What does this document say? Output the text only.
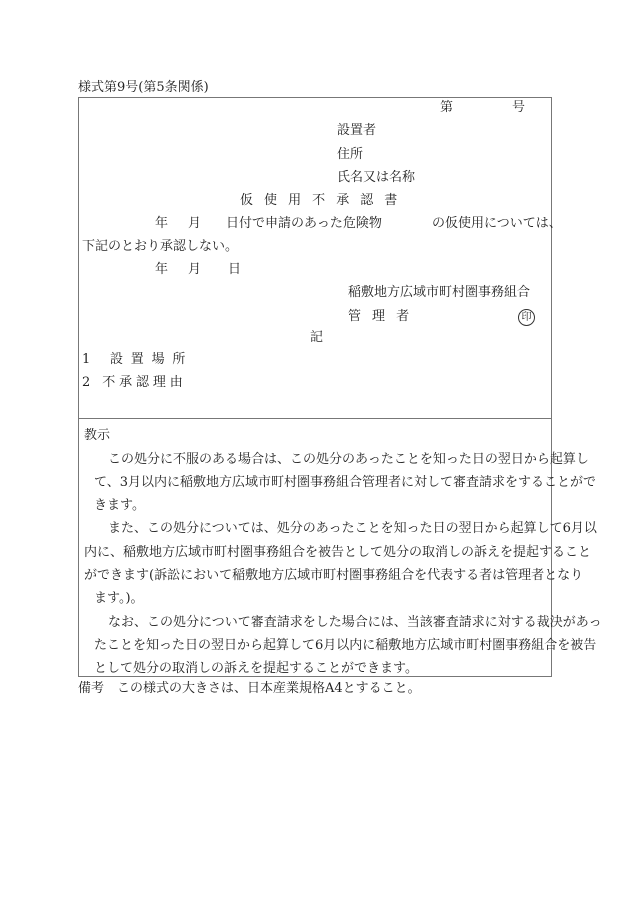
様式第9号(第5条関係)
第	号
設置者
住所
氏名又は名称
仮使用不承認書
年 月 日付で申請のあった危険物	の仮使用については、
下記のとおり承認しない。
年 月 日
稲敷地方広域市町村圏事務組合
管理者	印
記
1 設置場所
2 不承認理由
教示
この処分に不服のある場合は、この処分のあったことを知った日の翌日から起算し
て、3月以内に稲敷地方広域市町村圏事務組合管理者に対して審査請求をすることがで
きます。
また、この処分については、処分のあったことを知った日の翌日から起算して6月以
内に、稲敷地方広域市町村圏事務組合を被告として処分の取消しの訴えを提起すること
ができます(訴訟において稲敷地方広域市町村圏事務組合を代表する者は管理者となり
ます。)。
なお、この処分について審査請求をした場合には、当該審査請求に対する裁決があっ
たことを知った日の翌日から起算して6月以内に稲敷地方広域市町村圏事務組合を被告
として処分の取消しの訴えを提起することができます。
備考　この様式の大きさは、日本産業規格A4とすること。
